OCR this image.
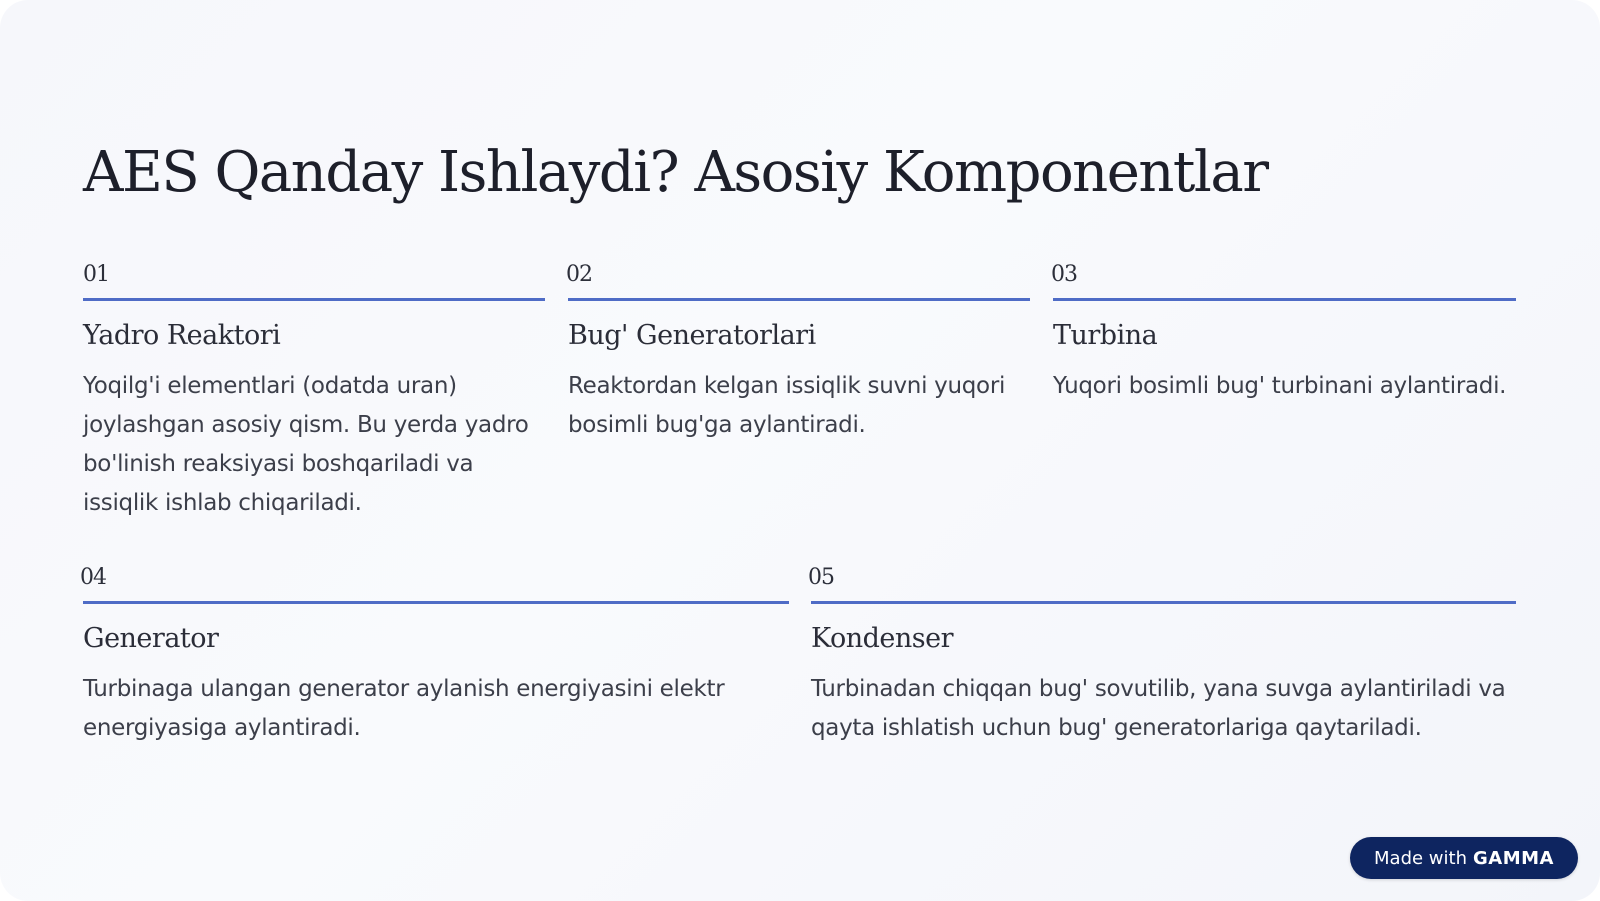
AES Qanday Ishlaydi? Asosiy Komponentlar
01
Yadro Reaktori

Yoqilg'i elementlari (odatda uran) joylashgan asosiy qism. Bu yerda yadro bo'linish reaksiyasi boshqariladi va issiqlik ishlab chiqariladi.

02
Bug' Generatorlari

Reaktordan kelgan issiqlik suvni yuqori bosimli bug'ga aylantiradi.

03
Turbina

Yuqori bosimli bug' turbinani aylantiradi.

04
Generator

Turbinaga ulangan generator aylanish energiyasini elektr energiyasiga aylantiradi.

05
Kondenser

Turbinadan chiqqan bug' sovutilib, yana suvga aylantiriladi va qayta ishlatish uchun bug' generatorlariga qaytariladi.

Made with GAMMA
